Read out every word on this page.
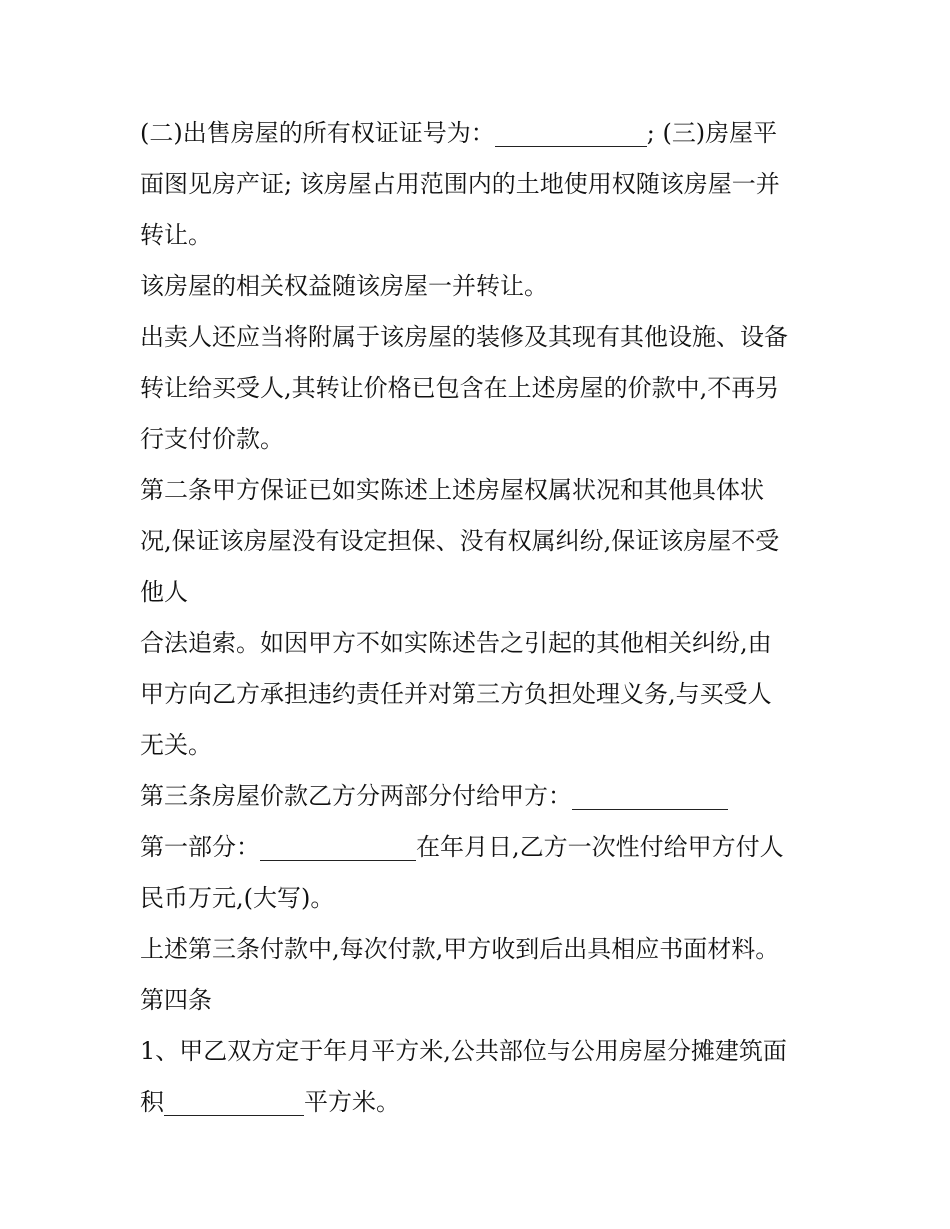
(二)出售房屋的所有权证证号为：	; (三)房屋平
面图见房产证; 该房屋占用范围内的土地使用权随该房屋一并
转让。
该房屋的相关权益随该房屋一并转让。
出卖人还应当将附属于该房屋的装修及其现有其他设施、设备
转让给买受人,其转让价格已包含在上述房屋的价款中,不再另
行支付价款。
第二条甲方保证已如实陈述上述房屋权属状况和其他具体状
况,保证该房屋没有设定担保、没有权属纠纷,保证该房屋不受
他人
合法追索。如因甲方不如实陈述告之引起的其他相关纠纷,由
甲方向乙方承担违约责任并对第三方负担处理义务,与买受人
无关。
第三条房屋价款乙方分两部分付给甲方：
第一部分：	在年月日,乙方一次性付给甲方付人
民币万元,(大写)。
上述第三条付款中,每次付款,甲方收到后出具相应书面材料。
第四条
1、甲乙双方定于年月平方米,公共部位与公用房屋分摊建筑面
积	平方米。
